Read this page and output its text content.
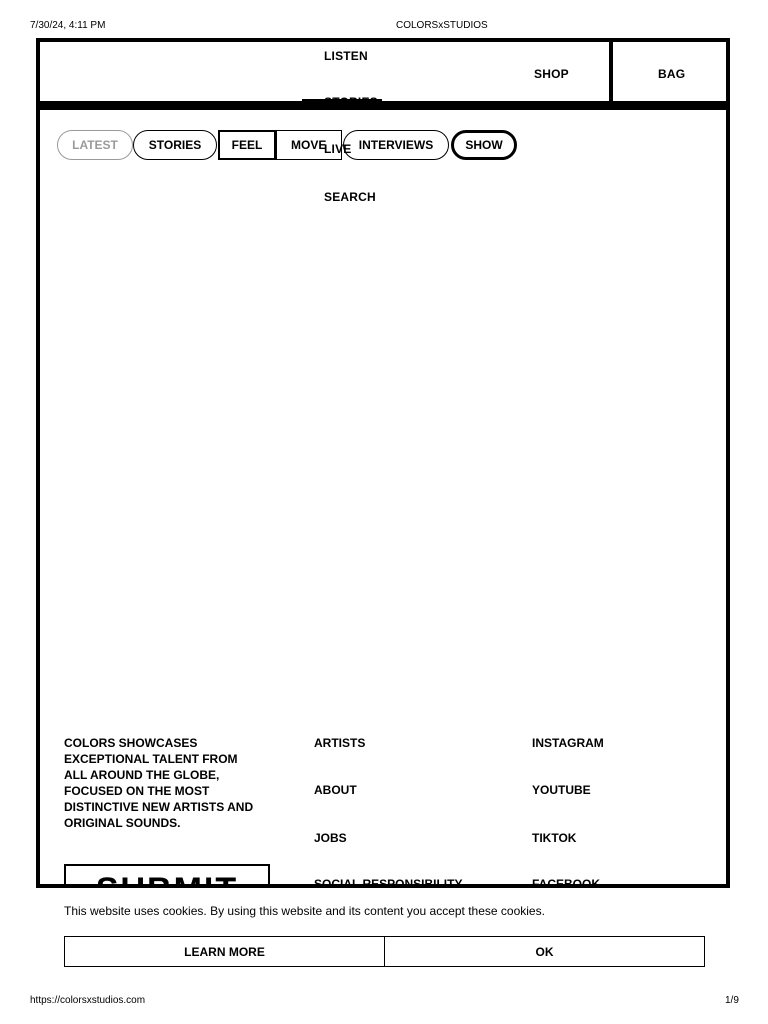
7/30/24, 4:11 PM	COLORSxSTUDIOS
https://colorsxstudios.com	1/9
LISTEN
SHOP	BAG
LATEST	STORIES	FEEL	MOVE	INTERVIEWS	SHOW
LIVE
SEARCH
COLORS SHOWCASES
EXCEPTIONAL TALENT FROM
ALL AROUND THE GLOBE,
FOCUSED ON THE MOST
DISTINCTIVE NEW ARTISTS AND
ORIGINAL SOUNDS.
ARTISTS
ABOUT
JOBS
INSTAGRAM
YOUTUBE
TIKTOK
This website uses cookies. By using this website and its content you accept these cookies.
LEARN MORE	OK
